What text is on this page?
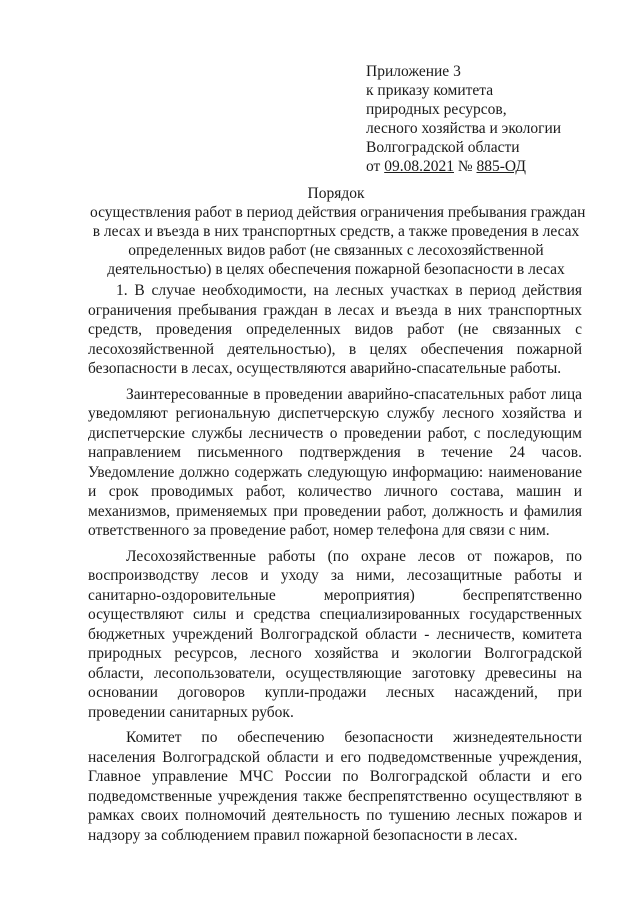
Приложение 3
к приказу комитета
природных ресурсов,
лесного хозяйства и экологии
Волгоградской области
от 09.08.2021 № 885-ОД
Порядок
осуществления работ в период действия ограничения пребывания граждан
в лесах и въезда в них транспортных средств, а также проведения в лесах
определенных видов работ (не связанных с лесохозяйственной
деятельностью) в целях обеспечения пожарной безопасности в лесах

1. В случае необходимости, на лесных участках в период действия ограничения пребывания граждан в лесах и въезда в них транспортных средств, проведения определенных видов работ (не связанных с лесохозяйственной деятельностью), в целях обеспечения пожарной безопасности в лесах, осуществляются аварийно-спасательные работы.

Заинтересованные в проведении аварийно-спасательных работ лица уведомляют региональную диспетчерскую службу лесного хозяйства и диспетчерские службы лесничеств о проведении работ, с последующим направлением письменного подтверждения в течение 24 часов. Уведомление должно содержать следующую информацию: наименование и срок проводимых работ, количество личного состава, машин и механизмов, применяемых при проведении работ, должность и фамилия ответственного за проведение работ, номер телефона для связи с ним.

Лесохозяйственные работы (по охране лесов от пожаров, по воспроизводству лесов и уходу за ними, лесозащитные работы и санитарно-оздоровительные мероприятия) беспрепятственно осуществляют силы и средства специализированных государственных бюджетных учреждений Волгоградской области - лесничеств, комитета природных ресурсов, лесного хозяйства и экологии Волгоградской области, лесопользователи, осуществляющие заготовку древесины на основании договоров купли-продажи лесных насаждений, при проведении санитарных рубок.

Комитет по обеспечению безопасности жизнедеятельности населения Волгоградской области и его подведомственные учреждения, Главное управление МЧС России по Волгоградской области и его подведомственные учреждения также беспрепятственно осуществляют в рамках своих полномочий деятельность по тушению лесных пожаров и надзору за соблюдением правил пожарной безопасности в лесах.
